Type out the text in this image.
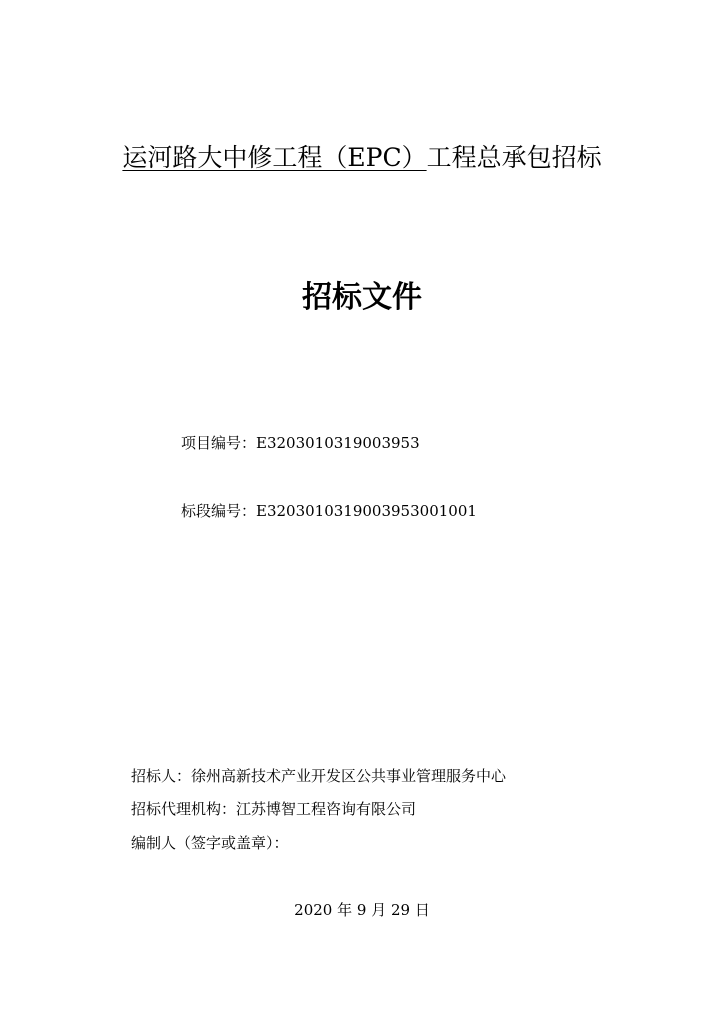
运河路大中修工程（EPC）工程总承包招标
招标文件
项目编号：E3203010319003953
标段编号：E3203010319003953001001
招标人：徐州高新技术产业开发区公共事业管理服务中心
招标代理机构：江苏博智工程咨询有限公司
编制人（签字或盖章）：
2020 年 9 月 29 日
